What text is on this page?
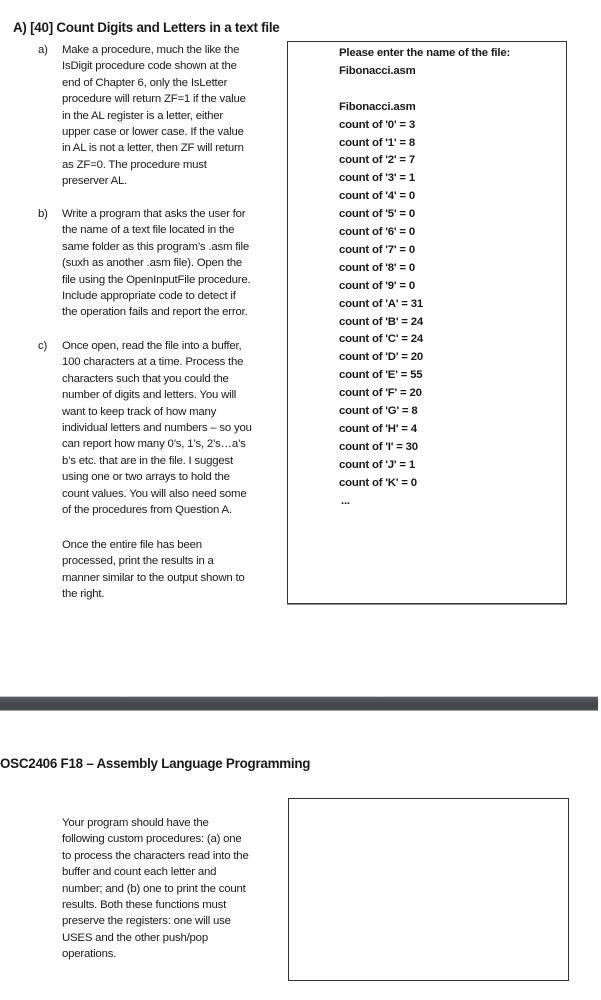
A) [40] Count Digits and Letters in a text file
a) Make a procedure, much the like the
IsDigit procedure code shown at the
end of Chapter 6, only the IsLetter
procedure will return ZF=1 if the value
in the AL register is a letter, either
upper case or lower case. If the value
in AL is not a letter, then ZF will return
as ZF=0. The procedure must
preserver AL.
b) Write a program that asks the user for
the name of a text file located in the
same folder as this program’s .asm file
(suxh as another .asm file). Open the
file using the OpenInputFile procedure.
Include appropriate code to detect if
the operation fails and report the error.
c) Once open, read the file into a buffer,
100 characters at a time. Process the
characters such that you could the
number of digits and letters. You will
want to keep track of how many
individual letters and numbers – so you
can report how many 0’s, 1’s, 2’s…a’s
b’s etc. that are in the file. I suggest
using one or two arrays to hold the
count values. You will also need some
of the procedures from Question A.
Once the entire file has been
processed, print the results in a
manner similar to the output shown to
the right.
Please enter the name of the file:
Fibonacci.asm
Fibonacci.asm
count of '0' = 3
count of '1' = 8
count of '2' = 7
count of '3' = 1
count of '4' = 0
count of '5' = 0
count of '6' = 0
count of '7' = 0
count of '8' = 0
count of '9' = 0
count of 'A' = 31
count of 'B' = 24
count of 'C' = 24
count of 'D' = 20
count of 'E' = 55
count of 'F' = 20
count of 'G' = 8
count of 'H' = 4
count of 'I' = 30
count of 'J' = 1
count of 'K' = 0
...
OSC2406 F18 – Assembly Language Programming
Your program should have the
following custom procedures: (a) one
to process the characters read into the
buffer and count each letter and
number; and (b) one to print the count
results. Both these functions must
preserve the registers: one will use
USES and the other push/pop
operations.
